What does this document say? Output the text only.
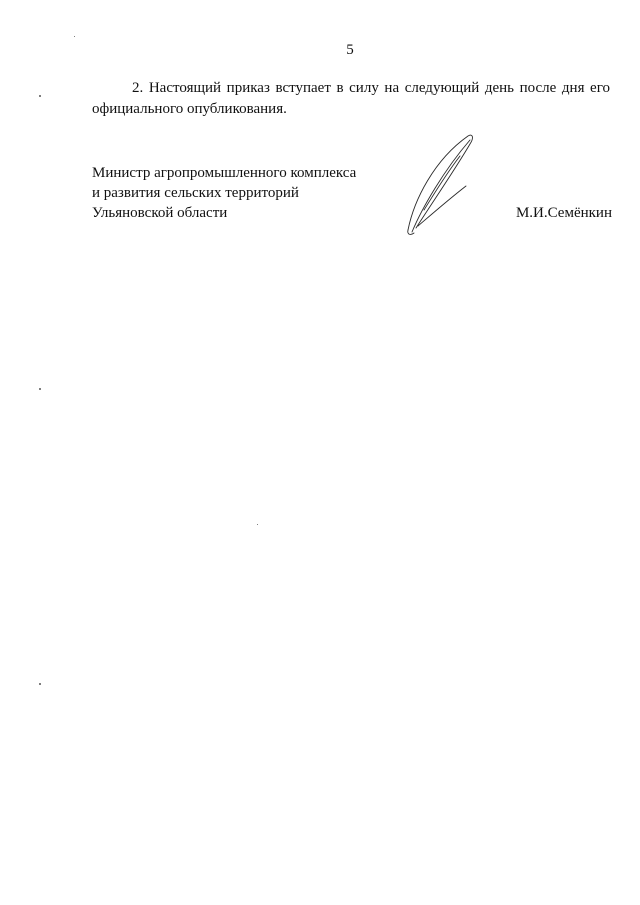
5
2. Настоящий приказ вступает в силу на следующий день после дня его официального опубликования.
Министр агропромышленного комплекса
и развития сельских территорий
Ульяновской области	М.И.Семёнкин
